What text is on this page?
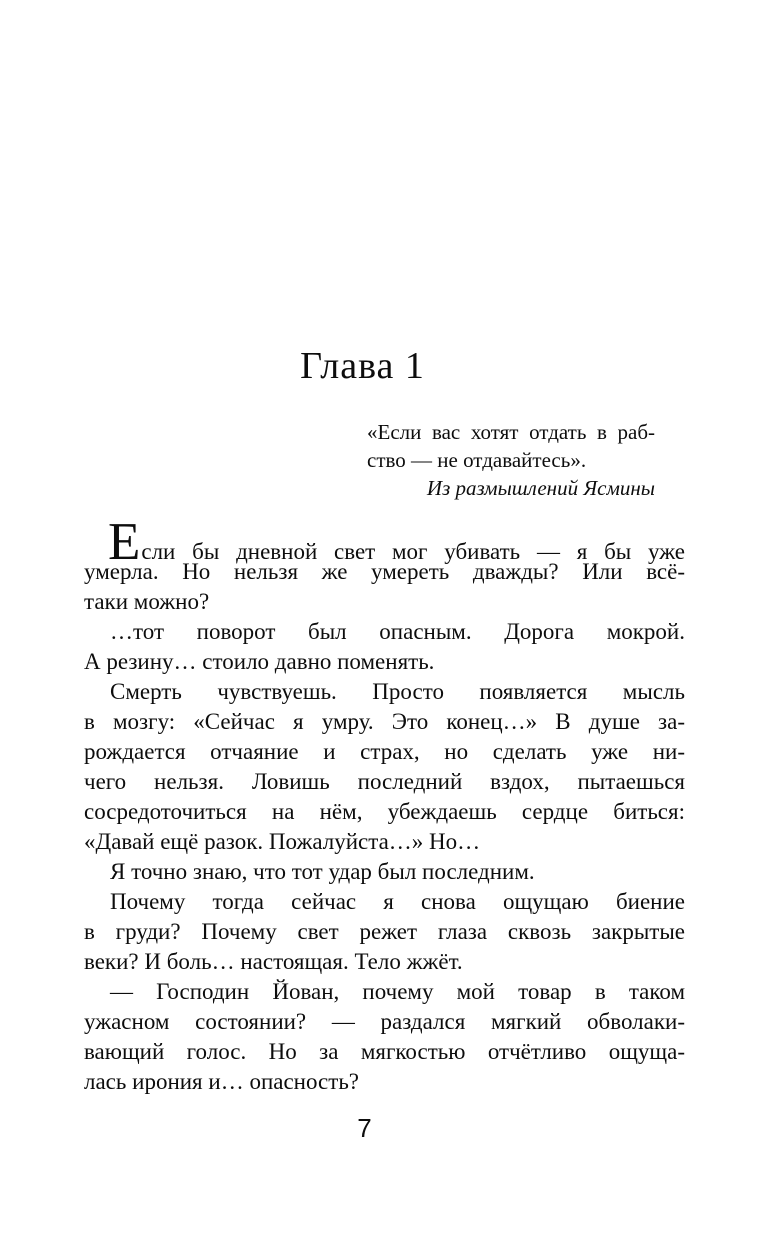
Глава 1
«Если вас хотят отдать в раб-
ство — не отдавайтесь».
Из размышлений Ясмины
Если бы дневной свет мог убивать — я бы уже
умерла. Но нельзя же умереть дважды? Или всё-
таки можно?
…тот поворот был опасным. Дорога мокрой.
А резину… стоило давно поменять.
Смерть чувствуешь. Просто появляется мысль
в мозгу: «Сейчас я умру. Это конец…» В душе за-
рождается отчаяние и страх, но сделать уже ни-
чего нельзя. Ловишь последний вздох, пытаешься
сосредоточиться на нём, убеждаешь сердце биться:
«Давай ещё разок. Пожалуйста…» Но…
Я точно знаю, что тот удар был последним.
Почему тогда сейчас я снова ощущаю биение
в груди? Почему свет режет глаза сквозь закрытые
веки? И боль… настоящая. Тело жжёт.
— Господин Йован, почему мой товар в таком
ужасном состоянии? — раздался мягкий обволаки-
вающий голос. Но за мягкостью отчётливо ощуща-
лась ирония и… опасность?
7
